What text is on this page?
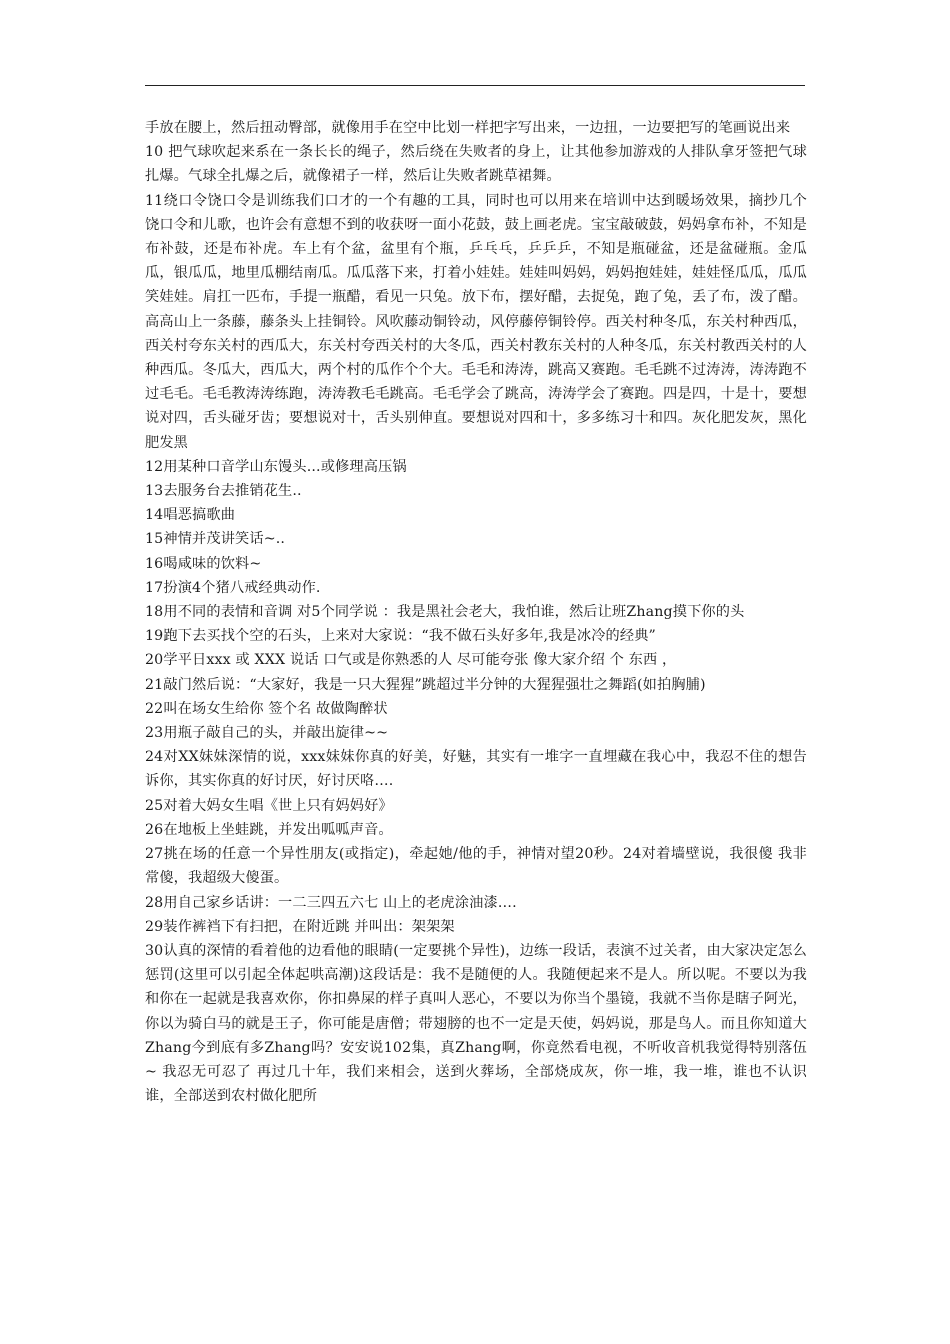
手放在腰上，然后扭动臀部，就像用手在空中比划一样把字写出来，一边扭，一边要把写的笔画说出来

10 把气球吹起来系在一条长长的绳子，然后绕在失败者的身上，让其他参加游戏的人排队拿牙签把气球扎爆。气球全扎爆之后，就像裙子一样，然后让失败者跳草裙舞。

11绕口令饶口令是训练我们口才的一个有趣的工具，同时也可以用来在培训中达到暖场效果，摘抄几个饶口令和儿歌，也许会有意想不到的收获呀一面小花鼓，鼓上画老虎。宝宝敲破鼓，妈妈拿布补，不知是布补鼓，还是布补虎。车上有个盆，盆里有个瓶，乒乓乓，乒乒乒，不知是瓶碰盆，还是盆碰瓶。金瓜瓜，银瓜瓜，地里瓜棚结南瓜。瓜瓜落下来，打着小娃娃。娃娃叫妈妈，妈妈抱娃娃，娃娃怪瓜瓜，瓜瓜笑娃娃。肩扛一匹布，手提一瓶醋，看见一只兔。放下布，摆好醋，去捉兔，跑了兔，丢了布，泼了醋。高高山上一条藤，藤条头上挂铜铃。风吹藤动铜铃动，风停藤停铜铃停。西关村种冬瓜，东关村种西瓜，西关村夸东关村的西瓜大，东关村夸西关村的大冬瓜，西关村教东关村的人种冬瓜，东关村教西关村的人种西瓜。冬瓜大，西瓜大，两个村的瓜作个个大。毛毛和涛涛，跳高又赛跑。毛毛跳不过涛涛，涛涛跑不过毛毛。毛毛教涛涛练跑，涛涛教毛毛跳高。毛毛学会了跳高，涛涛学会了赛跑。四是四，十是十，要想说对四，舌头碰牙齿；要想说对十，舌头别伸直。要想说对四和十，多多练习十和四。灰化肥发灰，黑化肥发黑

12用某种口音学山东馒头...或修理高压锅

13去服务台去推销花生..

14唱恶搞歌曲

15神情并茂讲笑话~..

16喝咸味的饮料~

17扮演4个猪八戒经典动作.

18用不同的表情和音调 对5个同学说 ：我是黑社会老大，我怕谁，然后让班Zhang摸下你的头

19跑下去买找个空的石头，上来对大家说：“我不做石头好多年,我是冰冷的经典”

20学平日xxx 或 XXX 说话 口气或是你熟悉的人 尽可能夸张 像大家介绍 个 东西 ，

21敲门然后说：“大家好，我是一只大猩猩”跳超过半分钟的大猩猩强壮之舞蹈(如拍胸脯)

22叫在场女生给你 签个名 故做陶醉状

23用瓶子敲自己的头，并敲出旋律~~

24对XX妹妹深情的说，xxx妹妹你真的好美，好魅，其实有一堆字一直埋藏在我心中，我忍不住的想告诉你，其实你真的好讨厌，好讨厌咯….

25对着大妈女生唱《世上只有妈妈好》

26在地板上坐蛙跳，并发出呱呱声音。

27挑在场的任意一个异性朋友(或指定)，牵起她/他的手，神情对望20秒。24对着墙壁说，我很傻 我非常傻，我超级大傻蛋。

28用自己家乡话讲：一二三四五六七 山上的老虎涂油漆….

29装作裤裆下有扫把，在附近跳 并叫出：架架架

30认真的深情的看着他的边看他的眼睛(一定要挑个异性)，边练一段话，表演不过关者，由大家决定怎么惩罚(这里可以引起全体起哄高潮)这段话是：我不是随便的人。我随便起来不是人。所以呢。不要以为我和你在一起就是我喜欢你，你扣鼻屎的样子真叫人恶心，不要以为你当个墨镜，我就不当你是瞎子阿光，你以为骑白马的就是王子，你可能是唐僧；带翅膀的也不一定是天使，妈妈说，那是鸟人。而且你知道大Zhang今到底有多Zhang吗？安安说102集，真Zhang啊，你竟然看电视，不听收音机我觉得特别落伍~ 我忍无可忍了 再过几十年，我们来相会，送到火葬场，全部烧成灰，你一堆，我一堆，谁也不认识 谁，全部送到农村做化肥所
